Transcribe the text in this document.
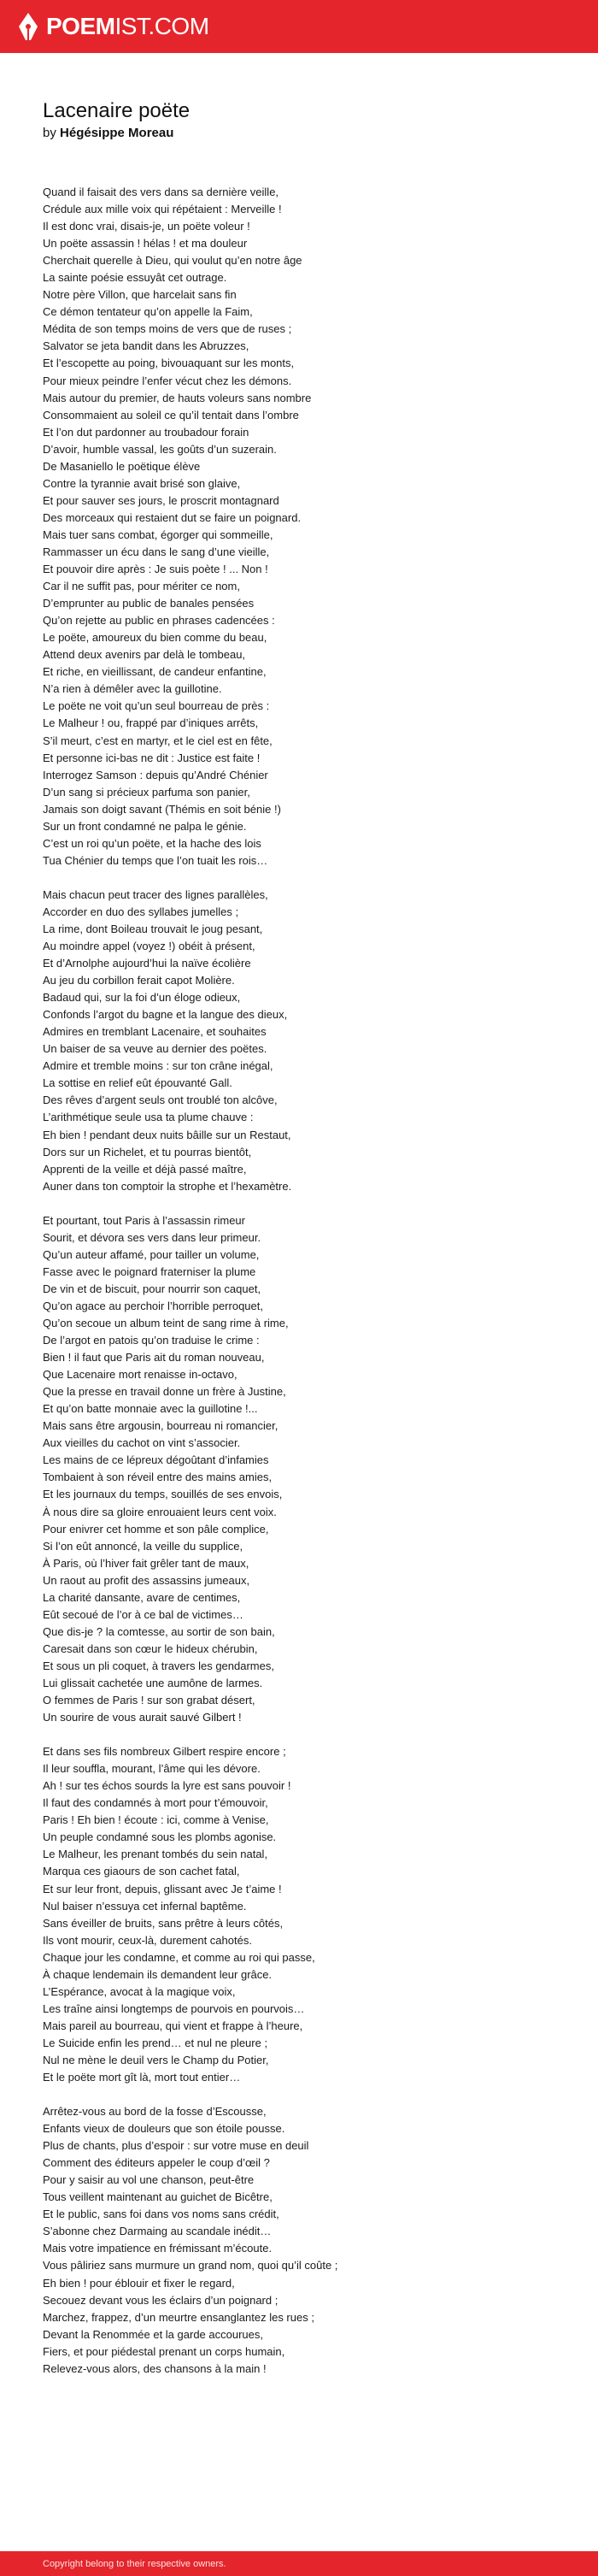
POEMIST.COM
Lacenaire poëte
by Hégésippe Moreau
Quand il faisait des vers dans sa dernière veille,
Crédule aux mille voix qui répétaient : Merveille !
Il est donc vrai, disais-je, un poëte voleur !
Un poëte assassin ! hélas ! et ma douleur
Cherchait querelle à Dieu, qui voulut qu’en notre âge
La sainte poésie essuyât cet outrage.
Notre père Villon, que harcelait sans fin
Ce démon tentateur qu’on appelle la Faim,
Médita de son temps moins de vers que de ruses ;
Salvator se jeta bandit dans les Abruzzes,
Et l’escopette au poing, bivouaquant sur les monts,
Pour mieux peindre l’enfer vécut chez les démons.
Mais autour du premier, de hauts voleurs sans nombre
Consommaient au soleil ce qu’il tentait dans l’ombre
Et l’on dut pardonner au troubadour forain
D’avoir, humble vassal, les goûts d’un suzerain.
De Masaniello le poëtique élève
Contre la tyrannie avait brisé son glaive,
Et pour sauver ses jours, le proscrit montagnard
Des morceaux qui restaient dut se faire un poignard.
Mais tuer sans combat, égorger qui sommeille,
Rammasser un écu dans le sang d’une vieille,
Et pouvoir dire après : Je suis poète ! ... Non !
Car il ne suffit pas, pour mériter ce nom,
D’emprunter au public de banales pensées
Qu’on rejette au public en phrases cadencées :
Le poëte, amoureux du bien comme du beau,
Attend deux avenirs par delà le tombeau,
Et riche, en vieillissant, de candeur enfantine,
N’a rien à démêler avec la guillotine.
Le poëte ne voit qu’un seul bourreau de près :
Le Malheur ! ou, frappé par d’iniques arrêts,
S’il meurt, c’est en martyr, et le ciel est en fête,
Et personne ici-bas ne dit : Justice est faite !
Interrogez Samson : depuis qu’André Chénier
D’un sang si précieux parfuma son panier,
Jamais son doigt savant (Thémis en soit bénie !)
Sur un front condamné ne palpa le génie.
C’est un roi qu’un poëte, et la hache des lois
Tua Chénier du temps que l’on tuait les rois…
Mais chacun peut tracer des lignes parallèles,
Accorder en duo des syllabes jumelles ;
La rime, dont Boileau trouvait le joug pesant,
Au moindre appel (voyez !) obéit à présent,
Et d’Arnolphe aujourd’hui la naïve écolière
Au jeu du corbillon ferait capot Molière.
Badaud qui, sur la foi d’un éloge odieux,
Confonds l’argot du bagne et la langue des dieux,
Admires en tremblant Lacenaire, et souhaites
Un baiser de sa veuve au dernier des poëtes.
Admire et tremble moins : sur ton crâne inégal,
La sottise en relief eût épouvanté Gall.
Des rêves d’argent seuls ont troublé ton alcôve,
L’arithmétique seule usa ta plume chauve :
Eh bien ! pendant deux nuits bâille sur un Restaut,
Dors sur un Richelet, et tu pourras bientôt,
Apprenti de la veille et déjà passé maître,
Auner dans ton comptoir la strophe et l’hexamètre.
Et pourtant, tout Paris à l’assassin rimeur
Sourit, et dévora ses vers dans leur primeur.
Qu’un auteur affamé, pour tailler un volume,
Fasse avec le poignard fraterniser la plume
De vin et de biscuit, pour nourrir son caquet,
Qu’on agace au perchoir l’horrible perroquet,
Qu’on secoue un album teint de sang rime à rime,
De l’argot en patois qu’on traduise le crime :
Bien ! il faut que Paris ait du roman nouveau,
Que Lacenaire mort renaisse in-octavo,
Que la presse en travail donne un frère à Justine,
Et qu’on batte monnaie avec la guillotine !...
Mais sans être argousin, bourreau ni romancier,
Aux vieilles du cachot on vint s’associer.
Les mains de ce lépreux dégoûtant d’infamies
Tombaient à son réveil entre des mains amies,
Et les journaux du temps, souillés de ses envois,
À nous dire sa gloire enrouaient leurs cent voix.
Pour enivrer cet homme et son pâle complice,
Si l’on eût annoncé, la veille du supplice,
À Paris, où l’hiver fait grêler tant de maux,
Un raout au profit des assassins jumeaux,
La charité dansante, avare de centimes,
Eût secoué de l’or à ce bal de victimes…
Que dis-je ? la comtesse, au sortir de son bain,
Caresait dans son cœur le hideux chérubin,
Et sous un pli coquet, à travers les gendarmes,
Lui glissait cachetée une aumône de larmes.
O femmes de Paris ! sur son grabat désert,
Un sourire de vous aurait sauvé Gilbert !
Et dans ses fils nombreux Gilbert respire encore ;
Il leur souffla, mourant, l’âme qui les dévore.
Ah ! sur tes échos sourds la lyre est sans pouvoir !
Il faut des condamnés à mort pour t’émouvoir,
Paris ! Eh bien ! écoute : ici, comme à Venise,
Un peuple condamné sous les plombs agonise.
Le Malheur, les prenant tombés du sein natal,
Marqua ces giaours de son cachet fatal,
Et sur leur front, depuis, glissant avec Je t’aime !
Nul baiser n’essuya cet infernal baptême.
Sans éveiller de bruits, sans prêtre à leurs côtés,
Ils vont mourir, ceux-là, durement cahotés.
Chaque jour les condamne, et comme au roi qui passe,
À chaque lendemain ils demandent leur grâce.
L’Espérance, avocat à la magique voix,
Les traîne ainsi longtemps de pourvois en pourvois…
Mais pareil au bourreau, qui vient et frappe à l’heure,
Le Suicide enfin les prend… et nul ne pleure ;
Nul ne mène le deuil vers le Champ du Potier,
Et le poëte mort gît là, mort tout entier…
Arrêtez-vous au bord de la fosse d’Escousse,
Enfants vieux de douleurs que son étoile pousse.
Plus de chants, plus d’espoir : sur votre muse en deuil
Comment des éditeurs appeler le coup d’œil ?
Pour y saisir au vol une chanson, peut-être
Tous veillent maintenant au guichet de Bicêtre,
Et le public, sans foi dans vos noms sans crédit,
S’abonne chez Darmaing au scandale inédit…
Mais votre impatience en frémissant m’écoute.
Vous pâliriez sans murmure un grand nom, quoi qu’il coûte ;
Eh bien ! pour éblouir et fixer le regard,
Secouez devant vous les éclairs d’un poignard ;
Marchez, frappez, d’un meurtre ensanglantez les rues ;
Devant la Renommée et la garde accourues,
Fiers, et pour piédestal prenant un corps humain,
Relevez-vous alors, des chansons à la main !
Copyright belong to their respective owners.
